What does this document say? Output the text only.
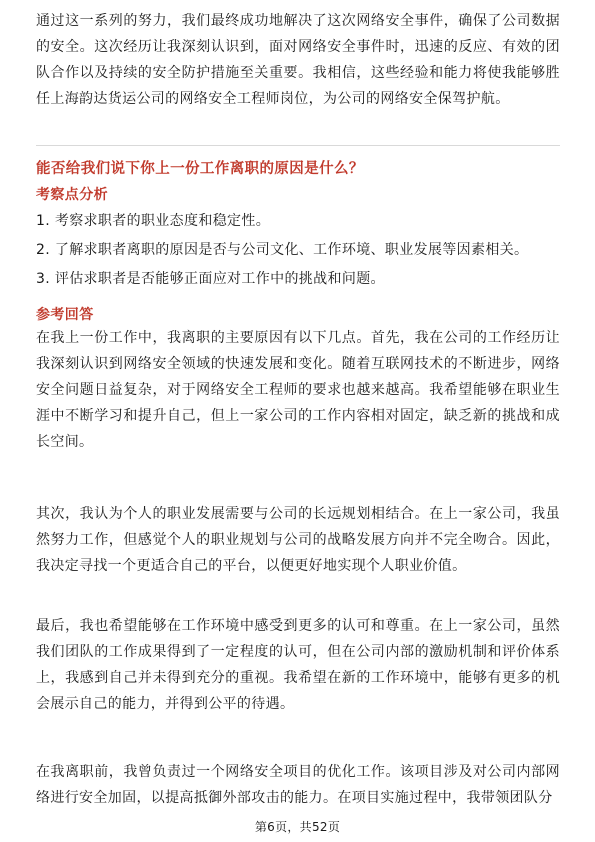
通过这一系列的努力，我们最终成功地解决了这次网络安全事件，确保了公司数据的安全。这次经历让我深刻认识到，面对网络安全事件时，迅速的反应、有效的团队合作以及持续的安全防护措施至关重要。我相信，这些经验和能力将使我能够胜任上海韵达货运公司的网络安全工程师岗位，为公司的网络安全保驾护航。

能否给我们说下你上一份工作离职的原因是什么？

考察点分析

1. 考察求职者的职业态度和稳定性。

2. 了解求职者离职的原因是否与公司文化、工作环境、职业发展等因素相关。

3. 评估求职者是否能够正面应对工作中的挑战和问题。

参考回答

在我上一份工作中，我离职的主要原因有以下几点。首先，我在公司的工作经历让我深刻认识到网络安全领域的快速发展和变化。随着互联网技术的不断进步，网络安全问题日益复杂，对于网络安全工程师的要求也越来越高。我希望能够在职业生涯中不断学习和提升自己，但上一家公司的工作内容相对固定，缺乏新的挑战和成长空间。

其次，我认为个人的职业发展需要与公司的长远规划相结合。在上一家公司，我虽然努力工作，但感觉个人的职业规划与公司的战略发展方向并不完全吻合。因此，我决定寻找一个更适合自己的平台，以便更好地实现个人职业价值。

最后，我也希望能够在工作环境中感受到更多的认可和尊重。在上一家公司，虽然我们团队的工作成果得到了一定程度的认可，但在公司内部的激励机制和评价体系上，我感到自己并未得到充分的重视。我希望在新的工作环境中，能够有更多的机会展示自己的能力，并得到公平的待遇。

在我离职前，我曾负责过一个网络安全项目的优化工作。该项目涉及对公司内部网络进行安全加固，以提高抵御外部攻击的能力。在项目实施过程中，我带领团队分

第6页，共52页
